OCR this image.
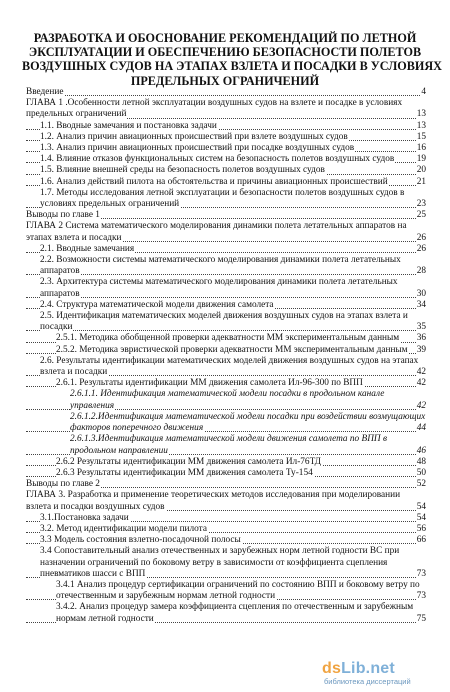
РАЗРАБОТКА И ОБОСНОВАНИЕ РЕКОМЕНДАЦИЙ ПО ЛЕТНОЙ
ЭКСПЛУАТАЦИИ И ОБЕСПЕЧЕНИЮ БЕЗОПАСНОСТИ ПОЛЕТОВ
ВОЗДУШНЫХ СУДОВ НА ЭТАПАХ ВЗЛЕТА И ПОСАДКИ В УСЛОВИЯХ
ПРЕДЕЛЬНЫХ ОГРАНИЧЕНИЙ
Введение	4
ГЛАВА 1 .Особенности летной эксплуатации воздушных судов на взлете и посадке в условиях предельных ограничений	13
1.1. Вводные замечания и постановка задачи	13
1.2. Анализ причин авиационных происшествий при взлете воздушных судов	15
1.3. Анализ причин авиационных происшествий при посадке воздушных судов	16
1.4. Влияние отказов функциональных систем на безопасность полетов воздушных судов 19
1.5. Влияние внешней среды на безопасность полетов воздушных судов	20
1.6. Анализ действий пилота на обстоятельства и причины авиационных происшествий	21
1.7. Методы исследования летной эксплуатации и безопасности полетов воздушных судов в условиях предельных ограничений	23
Выводы по главе 1	25
ГЛАВА 2 Система математического моделирования динамики полета летательных аппаратов на этапах взлета и посадки	26
2.1. Вводные замечания	26
2.2. Возможности системы математического моделирования динамики полета летательных аппаратов	28
2.3. Архитектура системы математического моделирования динамики полета летательных аппаратов	30
2.4. Структура математической модели движения самолета	34
2.5. Идентификация математических моделей движения воздушных судов на этапах взлета и посадки	35
2.5.1. Методика обобщенной проверки адекватности ММ экспериментальным данным 36
2.5.2. Методика эвристической проверки адекватности ММ экспериментальным данным 39
2.6. Результаты идентификации математических моделей движения воздушных судов на этапах взлета и посадки	42
2.6.1. Результаты идентификации ММ движения самолета Ил-96-300 по ВПП	42
2.6.1.1. Идентификация математической модели посадки в продольном канале управления	42
2.6.1.2.Идентификация математической модели посадки при воздействии возмущающих факторов поперечного движения	44
2.6.1.3.Идентификация математической модели движения самолета по ВПП в продольном направлении	46
2.6.2 Результаты идентификации ММ движения самолета Ил-76ТД	48
2.6.3 Результаты идентификации ММ движения самолета Ту-154	50
Выводы по главе 2	52
ГЛАВА 3. Разработка и применение теоретических методов исследования при моделировании взлета и посадки воздушных судов	54
3.1.Постановка задачи	54
3.2. Метод идентификации модели пилота	56
3.3 Модель состояния взлетно-посадочной полосы	66
3.4 Сопоставительный анализ отечественных и зарубежных норм летной годности ВС при назначении ограничений по боковому ветру в зависимости от коэффициента сцепления пневматиков шасси с ВПП	73
3.4.1 Анализ процедур сертификации ограничений по состоянию ВПП и боковому ветру по отечественным и зарубежным нормам летной годности	73
3.4.2. Анализ процедур замера коэффициента сцепления по отечественным и зарубежным нормам летной годности	75
dsLib.net
библиотека диссертаций
